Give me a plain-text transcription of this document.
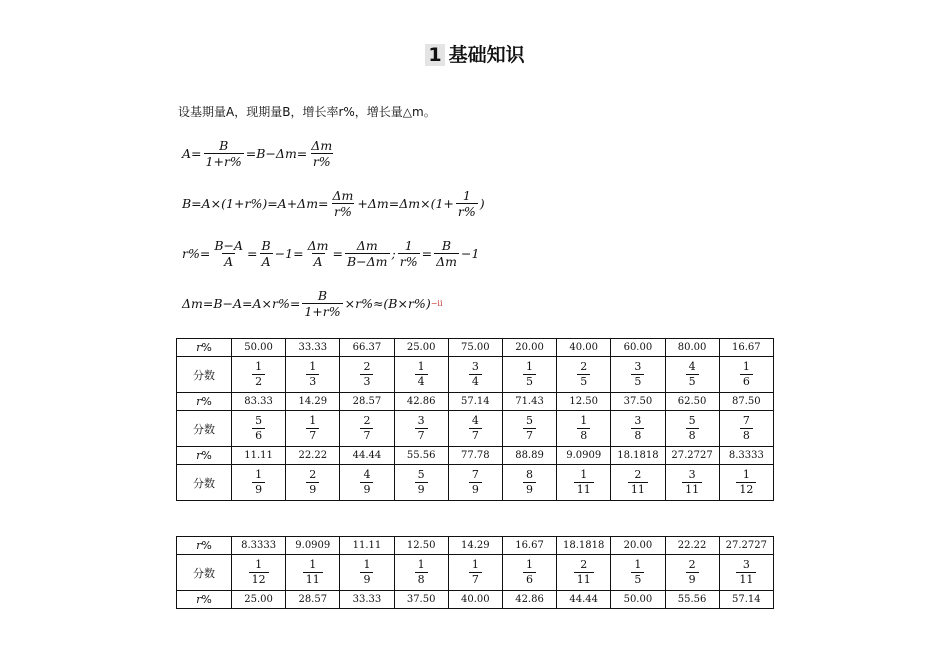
1 基础知识
设基期量A，现期量B，增长率r%，增长量△m。
$A= \frac{B}{1+r\%} =B-\Delta m= \frac{\Delta m}{r\%}$
$B=A\times(1+r\%)=A+\Delta m= \frac{\Delta m}{r\%} +\Delta m=\Delta m\times(1+ \frac{1}{r\%}$ )
$r\%= \frac{B-A}{A} = \frac{B}{A} -1= \frac{\Delta m}{A} = \frac{\Delta m}{B-\Delta m}$ ; $\frac{1}{r\%} = \frac{B}{\Delta m} -1$
$\Delta m=B-A=A\times r\%= \frac{B}{1+r\%} \times r\%\approx(B\times r\%) -ii$
r%	50.00	33.33	66.37	25.00	75.00	20.00	40.00	60.00	80.00	16.67
分数	$\frac{1}{2}$	$\frac{1}{3}$	$\frac{2}{3}$	$\frac{1}{4}$	$\frac{3}{4}$	$\frac{1}{5}$	$\frac{2}{5}$	$\frac{3}{5}$	$\frac{4}{5}$	$\frac{1}{6}$

r%	83.33	14.29	28.57	42.86	57.14	71.43	12.50	37.50	62.50	87.50
分数	$\frac{5}{6}$	$\frac{1}{7}$	$\frac{2}{7}$	$\frac{3}{7}$	$\frac{4}{7}$	$\frac{5}{7}$	$\frac{1}{8}$	$\frac{3}{8}$	$\frac{5}{8}$	$\frac{7}{8}$

r%	11.11	22.22	44.44	55.56	77.78	88.89	9.0909	18.1818	27.2727	8.3333
分数	$\frac{1}{9}$	$\frac{2}{9}$	$\frac{4}{9}$	$\frac{5}{9}$	$\frac{7}{9}$	$\frac{8}{9}$	$\frac{1}{11}$	$\frac{2}{11}$	$\frac{3}{11}$	$\frac{1}{12}$
r%	8.3333	9.0909	11.11	12.50	14.29	16.67	18.1818	20.00	22.22	27.2727
分数	$\frac{1}{12}$	$\frac{1}{11}$	$\frac{1}{9}$	$\frac{1}{8}$	$\frac{1}{7}$	$\frac{1}{6}$	$\frac{2}{11}$	$\frac{1}{5}$	$\frac{2}{9}$	$\frac{3}{11}$

r%	25.00	28.57	33.33	37.50	40.00	42.86	44.44	50.00	55.56	57.14
